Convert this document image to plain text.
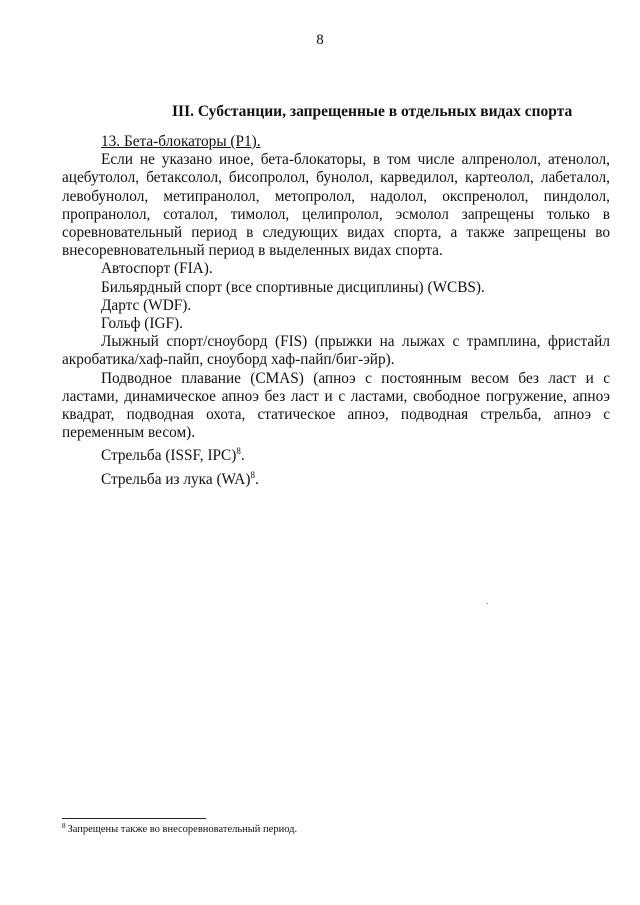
8
III. Субстанции, запрещенные в отдельных видах спорта

13. Бета-блокаторы (P1).

Если не указано иное, бета-блокаторы, в том числе алпренолол, атенолол, ацебутолол, бетаксолол, бисопролол, бунолол, карведилол, картеолол, лабеталол, левобунолол, метипранолол, метопролол, надолол, окспренолол, пиндолол, пропранолол, соталол, тимолол, целипролол, эсмолол запрещены только в соревновательный период в следующих видах спорта, а также запрещены во внесоревновательный период в выделенных видах спорта.

Автоспорт (FIA).

Бильярдный спорт (все спортивные дисциплины) (WCBS).

Дартс (WDF).

Гольф (IGF).

Лыжный спорт/сноуборд (FIS) (прыжки на лыжах с трамплина, фристайл акробатика/хаф-пайп, сноуборд хаф-пайп/биг-эйр).

Подводное плавание (CMAS) (апноэ с постоянным весом без ласт и с ластами, динамическое апноэ без ласт и с ластами, свободное погружение, апноэ квадрат, подводная охота, статическое апноэ, подводная стрельба, апноэ с переменным весом).

Стрельба (ISSF, IPC)$^8$.

Стрельба из лука (WA)$^8$.

$^8$ Запрещены также во внесоревновательный период.
